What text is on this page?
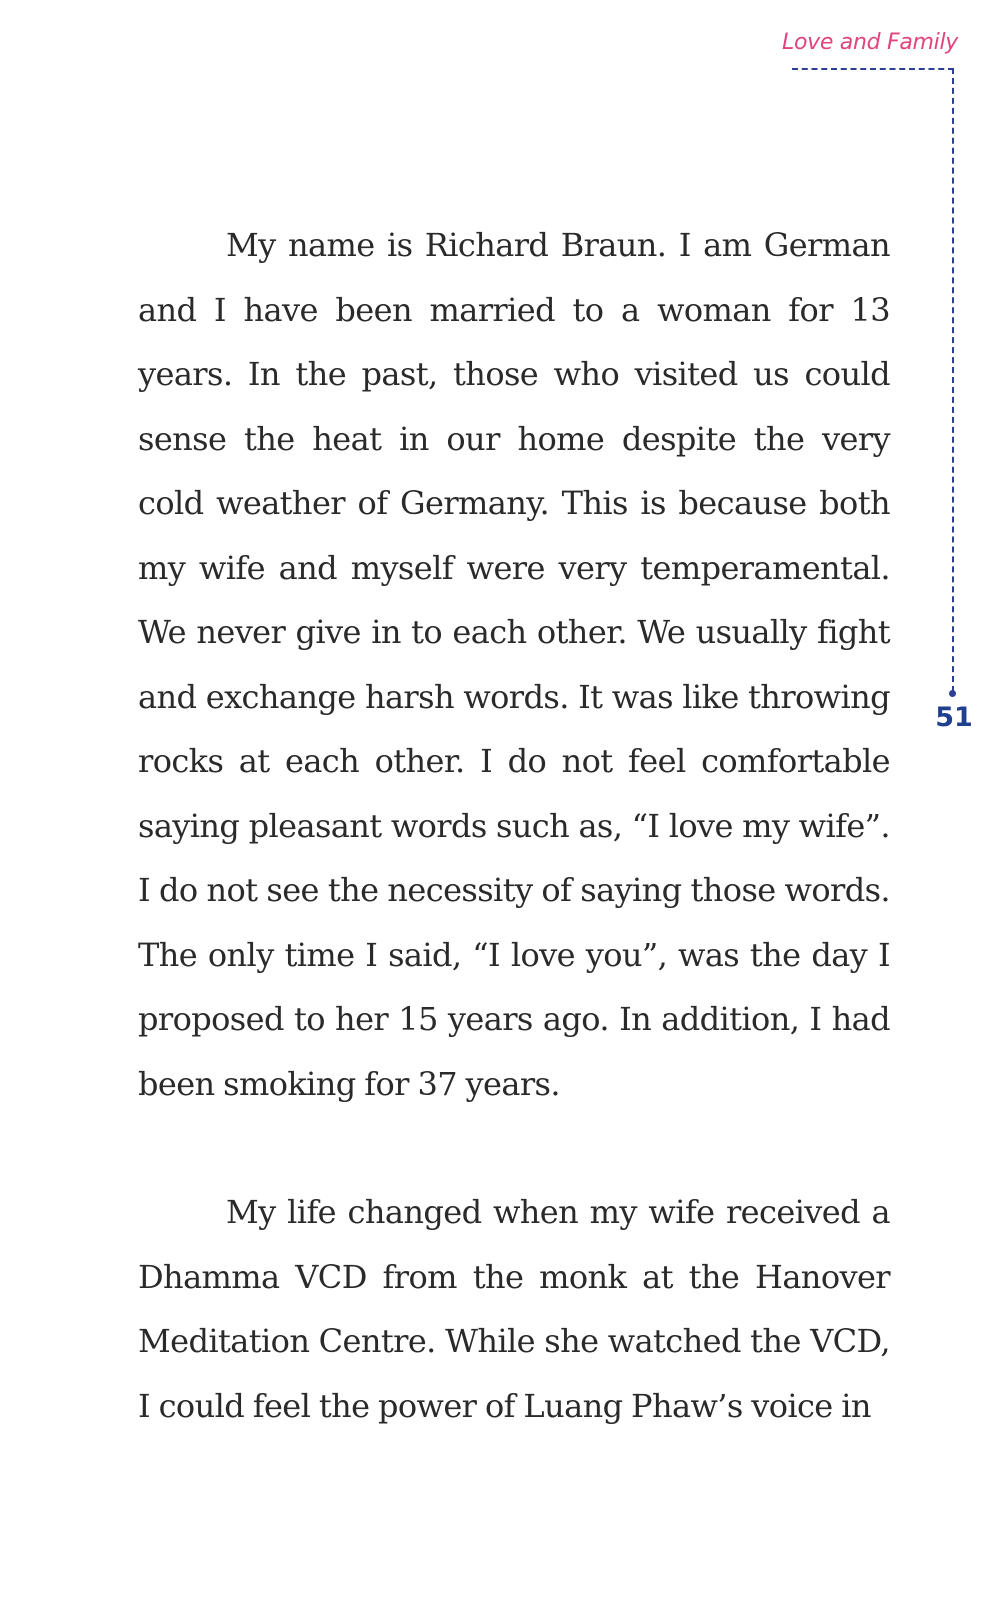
Love and Family
51

My name is Richard Braun. I am German and I have been married to a woman for 13 years. In the past, those who visited us could sense the heat in our home despite the very cold weather of Germany. This is because both my wife and myself were very temperamental. We never give in to each other. We usually fight and exchange harsh words. It was like throwing rocks at each other. I do not feel comfortable saying pleasant words such as, “I love my wife”. I do not see the necessity of saying those words. The only time I said, “I love you”, was the day I proposed to her 15 years ago. In addition, I had been smoking for 37 years.

My life changed when my wife received a Dhamma VCD from the monk at the Hanover Meditation Centre. While she watched the VCD, I could feel the power of Luang Phaw’s voice in
